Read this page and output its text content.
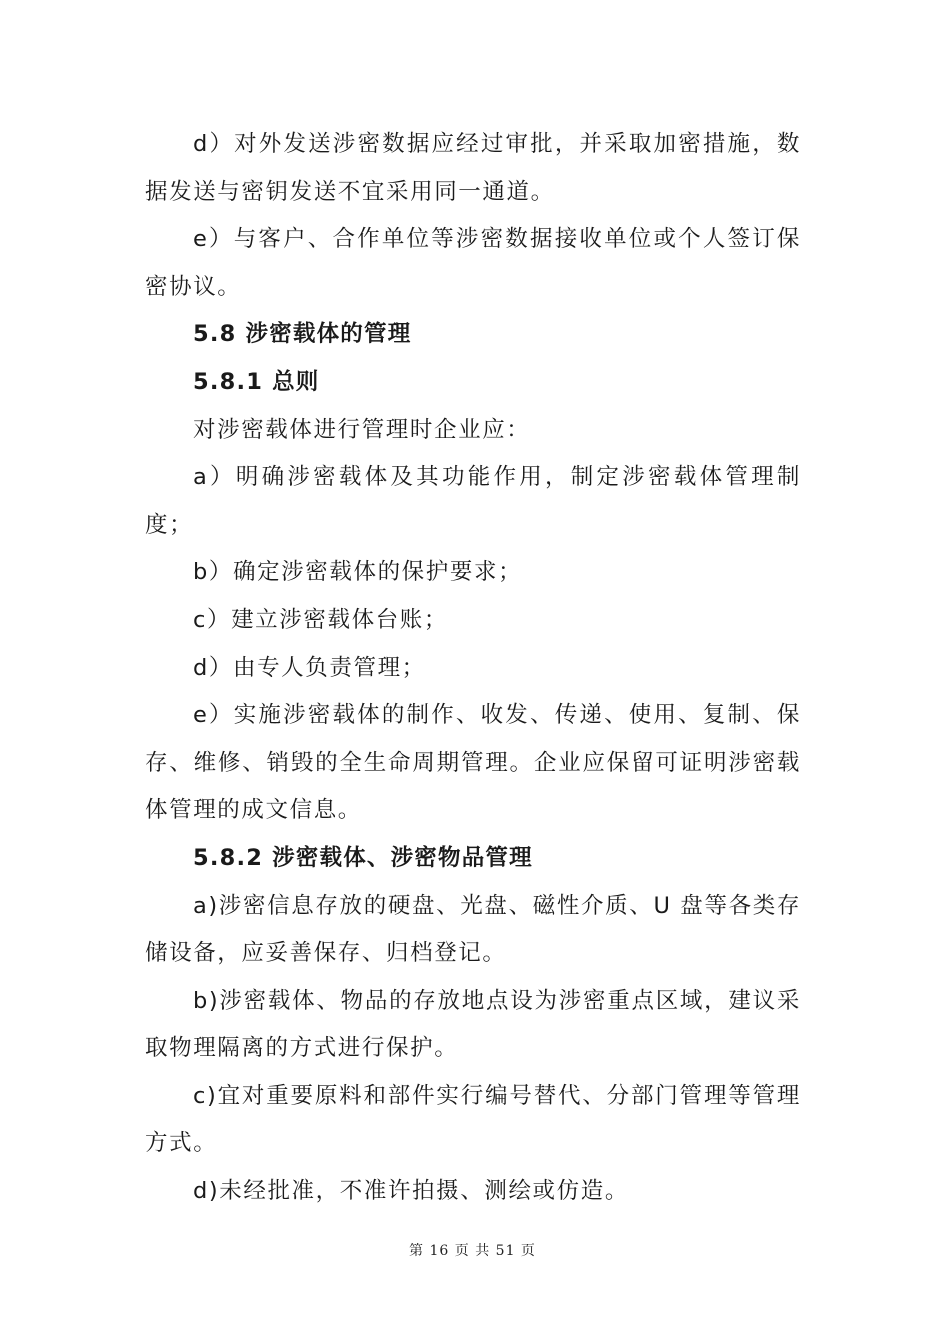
d）对外发送涉密数据应经过审批，并采取加密措施，数据发送与密钥发送不宜采用同一通道。

e）与客户、合作单位等涉密数据接收单位或个人签订保密协议。

5.8 涉密载体的管理
5.8.1 总则

对涉密载体进行管理时企业应：

a）明确涉密载体及其功能作用，制定涉密载体管理制度；

b）确定涉密载体的保护要求；

c）建立涉密载体台账；

d）由专人负责管理；

e）实施涉密载体的制作、收发、传递、使用、复制、保存、维修、销毁的全生命周期管理。企业应保留可证明涉密载体管理的成文信息。

5.8.2 涉密载体、涉密物品管理

a)涉密信息存放的硬盘、光盘、磁性介质、U 盘等各类存储设备，应妥善保存、归档登记。

b)涉密载体、物品的存放地点设为涉密重点区域，建议采取物理隔离的方式进行保护。

c)宜对重要原料和部件实行编号替代、分部门管理等管理方式。

d)未经批准，不准许拍摄、测绘或仿造。

第 16 页 共 51 页
